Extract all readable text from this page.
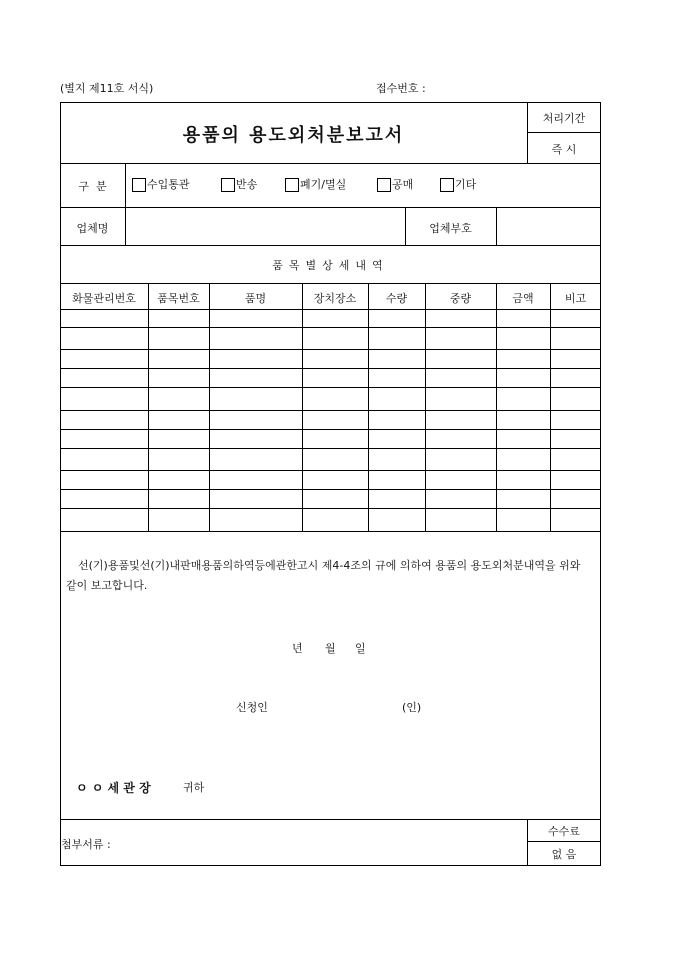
(별지 제11호 서식)	접수번호 :
용품의 용도외처분보고서
처리기간
즉 시
구  분	수입통관	반송	폐기/멸실	공매	기타
업체명	업체부호
품목별상세내역
화물관리번호	품목번호	품명	장치장소	수량	중량	금액	비고
선(기)용품및선(기)내판매용품의하역등에관한고시 제4-4조의 규에 의하여 용품의 용도외처분내역을 위와 같이 보고합니다.
년 월 일
신청인	(인)
ㅇ ㅇ 세 관 장	귀하
첨부서류 :
수수료
없 음
